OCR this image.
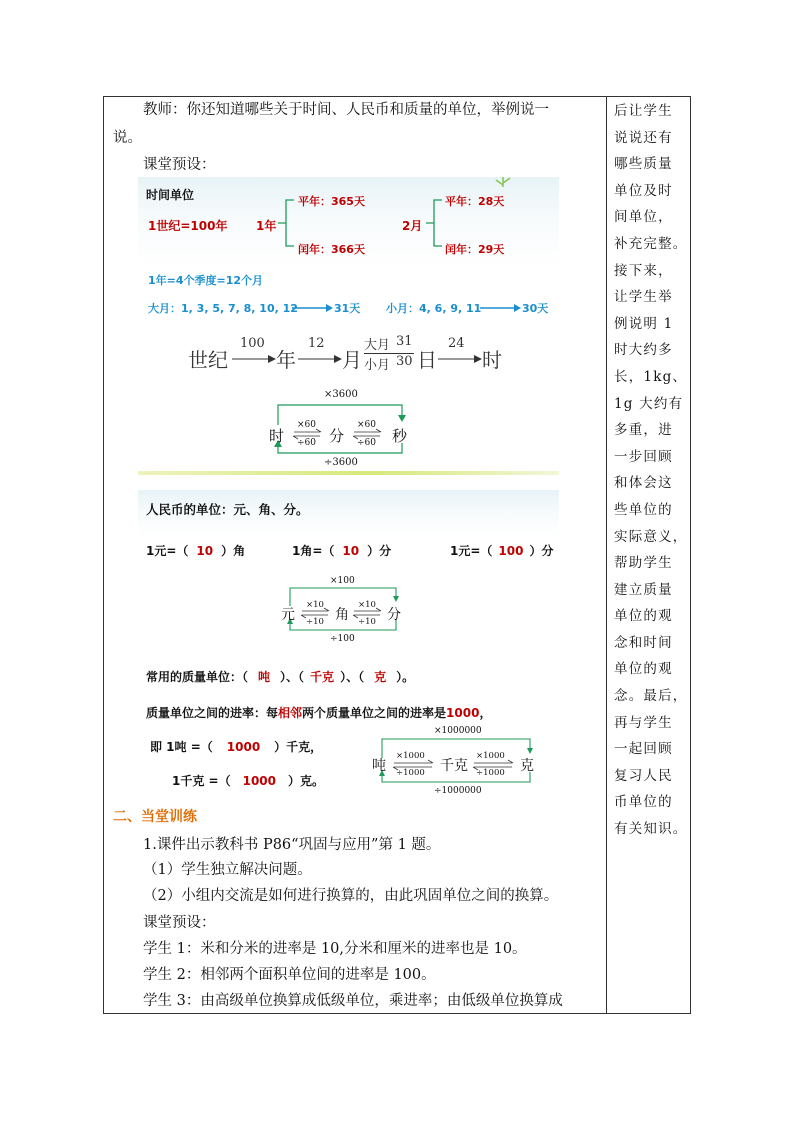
教师：你还知道哪些关于时间、人民币和质量的单位，举例说一
说。
课堂预设：
时间单位
1世纪=100年 1年
平年：365天
闰年：366天
2月
平年：28天
闰年：29天
1年=4个季度=12个月
大月：1, 3, 5, 7, 8, 10, 12	31天 小月：4, 6, 9, 11	30天
世纪
100
年
12
月
大月 31
小月 30 日
24
时
×3600
时
×60
÷60 分
×60
÷60 秒
÷3600
人民币的单位：元、角、分。
1元=（ 10 ）角	1角=（ 10 ）分	1元=（ 100 ）分
×100
元
×10
÷10 角
×10
÷10 分
÷100
常用的质量单位：（ 吨 ）、（ 千克 ）、（ 克 ）。
质量单位之间的进率：每相邻两个质量单位之间的进率是1000，
即 1吨 =（ 1000 ）千克，
1千克 =（ 1000 ）克。
×1000000
吨
×1000
÷1000 千克
×1000
÷1000 克
÷1000000
二、当堂训练
1.课件出示教科书 P86“巩固与应用”第 1 题。
（1）学生独立解决问题。
（2）小组内交流是如何进行换算的，由此巩固单位之间的换算。
课堂预设：
学生 1：米和分米的进率是 10,分米和厘米的进率也是 10。
学生 2：相邻两个面积单位间的进率是 100。
学生 3：由高级单位换算成低级单位，乘进率；由低级单位换算成
后让学生
说说还有
哪些质量
单位及时
间单位，
补充完整。
接下来，
让学生举
例说明 1
时大约多
长，1kg、
1g 大约有
多重，进
一步回顾
和体会这
些单位的
实际意义，
帮助学生
建立质量
单位的观
念和时间
单位的观
念。最后，
再与学生
一起回顾
复习人民
币单位的
有关知识。
